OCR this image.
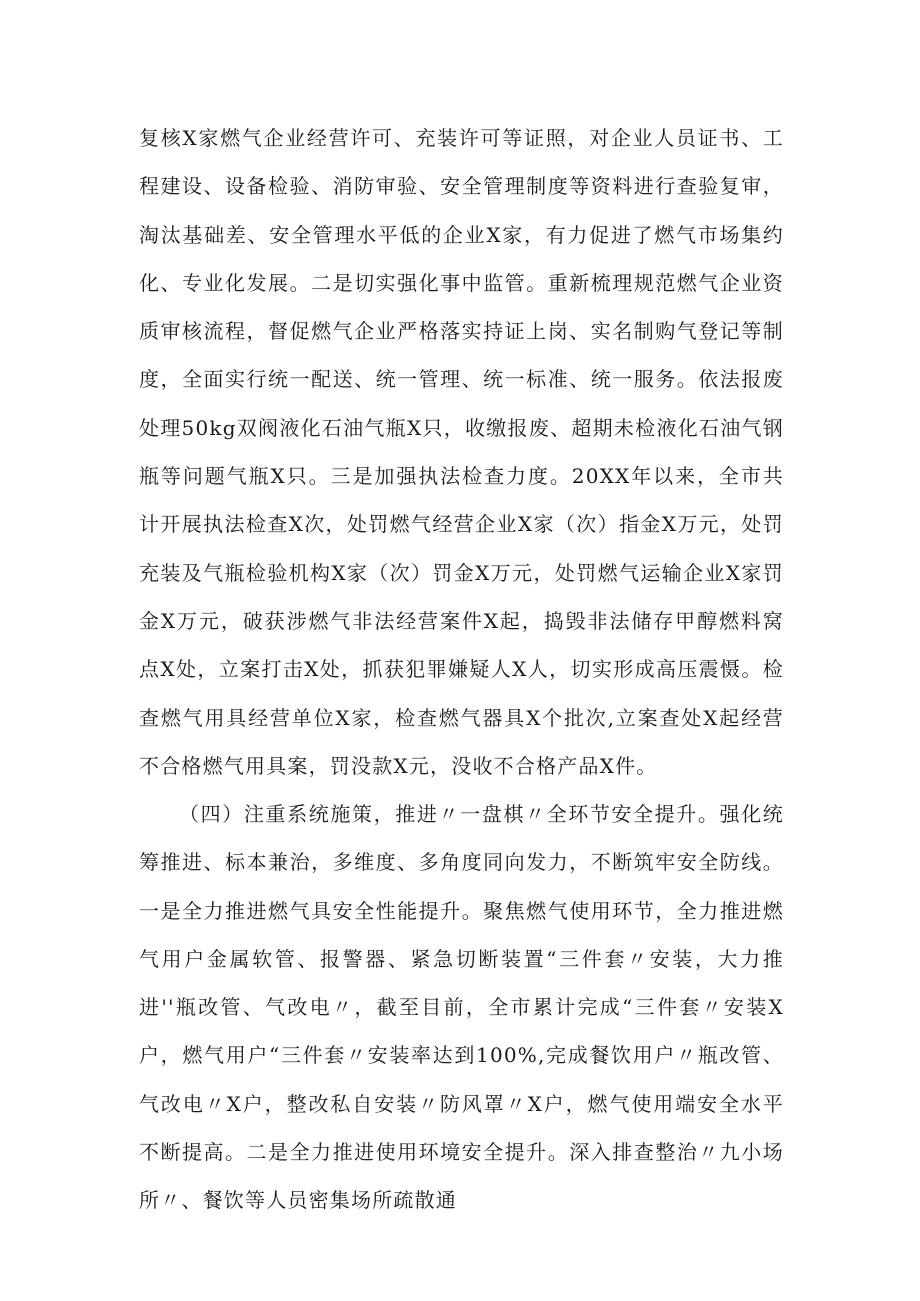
复核X家燃气企业经营许可、充装许可等证照，对企业人员证书、工程建设、设备检验、消防审验、安全管理制度等资料进行查验复审，淘汰基础差、安全管理水平低的企业X家，有力促进了燃气市场集约化、专业化发展。二是切实强化事中监管。重新梳理规范燃气企业资质审核流程，督促燃气企业严格落实持证上岗、实名制购气登记等制度，全面实行统一配送、统一管理、统一标准、统一服务。依法报废处理50kg双阀液化石油气瓶X只，收缴报废、超期未检液化石油气钢瓶等问题气瓶X只。三是加强执法检查力度。20XX年以来，全市共计开展执法检查X次，处罚燃气经营企业X家（次）指金X万元，处罚充装及气瓶检验机构X家（次）罚金X万元，处罚燃气运输企业X家罚金X万元，破获涉燃气非法经营案件X起，捣毁非法储存甲醇燃料窝点X处，立案打击X处，抓获犯罪嫌疑人X人，切实形成高压震慑。检查燃气用具经营单位X家，检查燃气器具X个批次,立案查处X起经营不合格燃气用具案，罚没款X元，没收不合格产品X件。

（四）注重系统施策，推进〃一盘棋〃全环节安全提升。强化统筹推进、标本兼治，多维度、多角度同向发力，不断筑牢安全防线。一是全力推进燃气具安全性能提升。聚焦燃气使用环节，全力推进燃气用户金属软管、报警器、紧急切断装置“三件套〃安装，大力推进''瓶改管、气改电〃，截至目前，全市累计完成“三件套〃安装X户，燃气用户“三件套〃安装率达到100%,完成餐饮用户〃瓶改管、气改电〃X户，整改私自安装〃防风罩〃X户，燃气使用端安全水平不断提高。二是全力推进使用环境安全提升。深入排查整治〃九小场所〃、餐饮等人员密集场所疏散通
